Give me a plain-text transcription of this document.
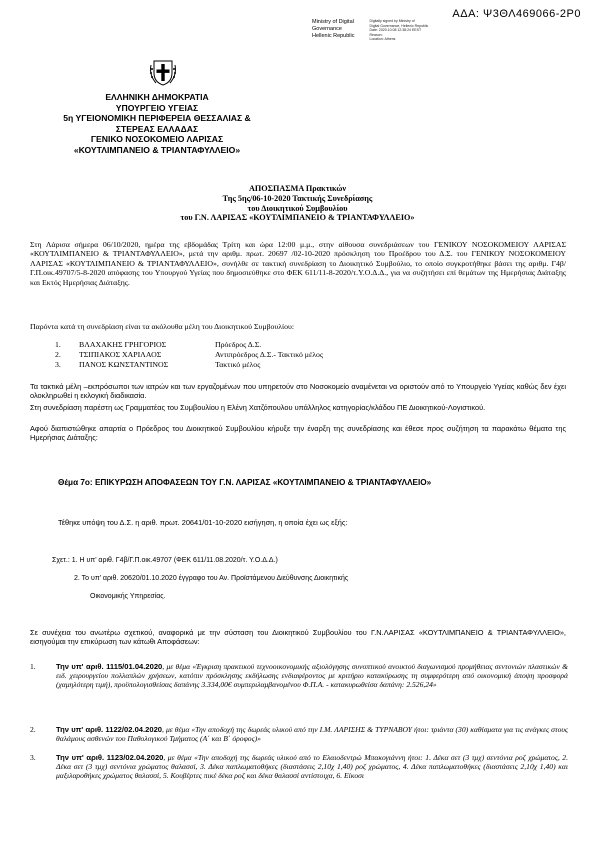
ΑΔΑ: Ψ3ΘΛ469066-2Ρ0
Ministry of Digital
Governance
Hellenic Republic

Digitally signed by Ministry of
Digital Governance, Hellenic Republic
Date: 2020.10.08 12:38:24 EEST
Reason:
Location: Athens
ΕΛΛΗΝΙΚΗ ΔΗΜΟΚΡΑΤΙΑ
ΥΠΟΥΡΓΕΙΟ ΥΓΕΙΑΣ
5η ΥΓΕΙΟΝΟΜΙΚΗ ΠΕΡΙΦΕΡΕΙΑ ΘΕΣΣΑΛΙΑΣ &
ΣΤΕΡΕΑΣ ΕΛΛΑΔΑΣ
ΓΕΝΙΚΟ ΝΟΣΟΚΟΜΕΙΟ ΛΑΡΙΣΑΣ
«ΚΟΥΤΛΙΜΠΑΝΕΙΟ & ΤΡΙΑΝΤΑΦΥΛΛΕΙΟ»
ΑΠΟΣΠΑΣΜΑ Πρακτικών
Της 5ης/06-10-2020 Τακτικής Συνεδρίασης
του Διοικητικού Συμβουλίου
του Γ.Ν. ΛΑΡΙΣΑΣ «ΚΟΥΤΛΙΜΠΑΝΕΙΟ & ΤΡΙΑΝΤΑΦΥΛΛΕΙΟ»
Στη Λάρισα σήμερα 06/10/2020, ημέρα της εβδομάδας Τρίτη και ώρα 12:00 μ.μ., στην αίθουσα συνεδριάσεων του ΓΕΝΙΚΟΥ ΝΟΣΟΚΟΜΕΙΟΥ ΛΑΡΙΣΑΣ «ΚΟΥΤΛΙΜΠΑΝΕΙΟ & ΤΡΙΑΝΤΑΦΥΛΛΕΙΟ», μετά την αριθμ. πρωτ. 20697 /02-10-2020 πρόσκληση του Προέδρου του Δ.Σ. του ΓΕΝΙΚΟΥ ΝΟΣΟΚΟΜΕΙΟΥ ΛΑΡΙΣΑΣ «ΚΟΥΤΛΙΜΠΑΝΕΙΟ & ΤΡΙΑΝΤΑΦΥΛΛΕΙΟ», συνήλθε σε τακτική συνεδρίαση το Διοικητικό Συμβούλιο, το οποίο συγκροτήθηκε βάσει της αριθμ. Γ4β/Γ.Π.οικ.49707/5-8-2020 απόφασης του Υπουργού Υγείας που δημοσιεύθηκε στο ΦΕΚ 611/11-8-2020/τ.Υ.Ο.Δ.Δ., για να συζητήσει επί θεμάτων της Ημερήσιας Διάταξης και Εκτός Ημερήσιας Διάταξης.
Παρόντα κατά τη συνεδρίαση είναι τα ακόλουθα μέλη του Διοικητικού Συμβουλίου:
1. ΒΛΑΧΑΚΗΣ ΓΡΗΓΟΡΙΟΣ	Πρόεδρος Δ.Σ.
2. ΤΣΙΠΙΑΚΟΣ ΧΑΡΙΛΑΟΣ	Αντιπρόεδρος Δ.Σ.- Τακτικό μέλος
3. ΠΑΝΟΣ ΚΩΝΣΤΑΝΤΙΝΟΣ	Τακτικό μέλος
Τα τακτικά μέλη –εκπρόσωποι των ιατρών και των εργαζομένων που υπηρετούν στο Νοσοκομείο αναμένεται να οριστούν από το Υπουργείο Υγείας καθώς δεν έχει ολοκληρωθεί η εκλογική διαδικασία.
Στη συνεδρίαση παρέστη ως Γραμματέας του Συμβουλίου η Ελένη Χατζόπουλου υπάλληλος κατηγορίας/κλάδου ΠΕ Διοικητικού-Λογιστικού.
Αφού διαπιστώθηκε απαρτία ο Πρόεδρος του Διοικητικού Συμβουλίου κήρυξε την έναρξη της συνεδρίασης και έθεσε προς συζήτηση τα παρακάτω θέματα της Ημερήσιας Διάταξης:
Θέμα 7ο: ΕΠΙΚΥΡΩΣΗ ΑΠΟΦΑΣΕΩΝ ΤΟΥ Γ.Ν. ΛΑΡΙΣΑΣ «ΚΟΥΤΛΙΜΠΑΝΕΙΟ & ΤΡΙΑΝΤΑΦΥΛΛΕΙΟ»
Τέθηκε υπόψη του Δ.Σ. η αριθ. πρωτ. 20641/01-10-2020 εισήγηση, η οποία έχει ως εξής:
Σχετ.: 1. Η υπ’ αριθ. Γ4β/Γ.Π.οικ.49707 (ΦΕΚ 611/11.08.2020/τ. Υ.Ο.Δ.Δ.)
2. Το υπ’ αριθ. 20620/01.10.2020 έγγραφο του Αν. Προϊστάμενου Διεύθυνσης Διοικητικής
Οικονομικής Υπηρεσίας.
Σε συνέχεια του ανωτέρω σχετικού, αναφορικά με την σύσταση του Διοικητικού Συμβουλίου του Γ.Ν.ΛΑΡΙΣΑΣ «ΚΟΥΤΛΙΜΠΑΝΕΙΟ & ΤΡΙΑΝΤΑΦΥΛΛΕΙΟ», εισηγούμαι την επικύρωση των κάτωθι Αποφάσεων:
1.	Την υπ' αριθ. 1115/01.04.2020, με θέμα «Έγκριση πρακτικού τεχνοοικονομικής αξιολόγησης συνοπτικού ανοικτού διαγωνισμού προμήθειας σεντονιών πλαστικών & ειδ. χειρουργείου πολλαπλών χρήσεων, κατόπιν πρόσκλησης εκδήλωσης ενδιαφέροντος με κριτήριο κατακύρωσης τη συμφερότερη από οικονομική άποψη προσφορά (χαμηλότερη τιμή), προϋπολογισθείσας δαπάνης 3.334,00€ συμπεριλαμβανομένου Φ.Π.Α. - κατακυρωθείσα δαπάνη: 2.526,24»
2.	Την υπ' αριθ. 1122/02.04.2020, με θέμα «Την αποδοχή της δωρεάς υλικού από την Ι.Μ. ΛΑΡΙΣΗΣ & ΤΥΡΝΑΒΟΥ ήτοι: τριάντα (30) καθίσματα για τις ανάγκες στους θαλάμους ασθενών του Παθολογικού Τμήματος (Α΄ και Β΄ όροφος)»
3.	Την υπ' αριθ. 1123/02.04.2020, με θέμα «Την αποδοχή της δωρεάς υλικού από το Ελαιοδεντρώ Μπακογιάννη ήτοι: 1. Δέκα σετ (3 τμχ) σεντόνια ροζ χρώματος, 2. Δέκα σετ (3 τμχ) σεντόνια χρώματος θαλασσί, 3. Δέκα παπλωματοθήκες (διαστάσεις 2,10χ 1,40) ροζ χρώματος, 4. Δέκα παπλωματοθήκες (διαστάσεις 2,10χ 1,40) και μαξιλαροθήκες χρώματος θαλασσί, 5. Κουβέρτες πικέ δέκα ροζ και δέκα θαλασσί αντίστοιχα, 6. Είκοσι
